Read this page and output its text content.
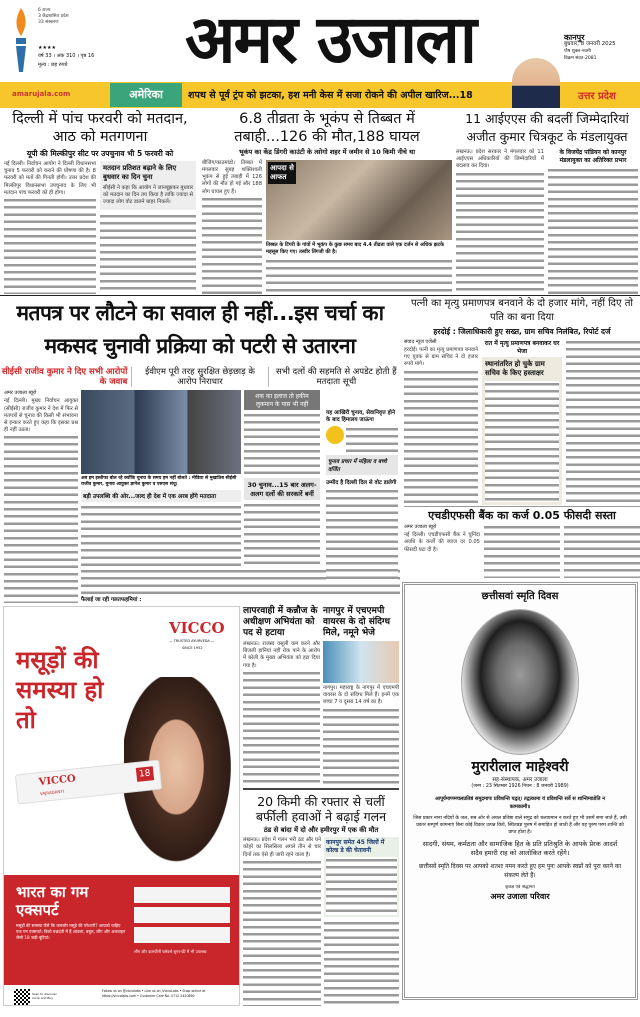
6 राज्य
3 केंद्रशासित प्रदेश
33 संस्करण
★★★★
वर्ष 33 । अंक 310 । पृष्ठ 16
मूल्य : छह रुपये	अमर उजाला	कानपुर
बुधवार, 8 जनवरी 2025
पौष शुक्ल-नवमी
विक्रम संवत-2081
amarujala.com	अमेरिका	शपथ से पूर्व ट्रंप को झटका, हश मनी केस में सजा रोकने की अपील खारिज...18	उत्तर प्रदेश
दिल्ली में पांच फरवरी को मतदान, आठ को मतगणना
यूपी की मिल्कीपुर सीट पर उपचुनाव भी 5 फरवरी को
नई दिल्ली। निर्वाचन आयोग ने दिल्ली विधानसभा चुनाव 5 फरवरी को कराने की घोषणा की है। 8 फरवरी को मतों की गिनती होगी। उत्तर प्रदेश की मिल्कीपुर विधानसभा उपचुनाव के लिए भी मतदान पांच फरवरी को ही होगा।
मतदान प्रतिशत बढ़ाने के लिए बुधवार का दिन चुना
सीईसी ने कहा कि आयोग ने जानबूझकर बुधवार को मतदान का दिन तय किया है ताकि ज्यादा से ज्यादा लोग वोट डालने बाहर निकलें।
6.8 तीव्रता के भूकंप से तिब्बत में तबाही...126 की मौत,188 घायल
भूकंप का केंद्र डिंगरी काउंटी के त्सोगो शहर में जमीन से 10 किमी नीचे था
बीजिंग/काठमांडो। तिब्बत में मंगलवार सुबह शक्तिशाली भूकंप से हुई तबाही में 126 लोगों की मौत हो गई और 188 लोग घायल हुए हैं।
आपदा से आफत
तिब्बत के टिंगरी के गांवों में भूकंप के कुछ समय बाद 4.4 तीव्रता वाले एक दर्जन से अधिक झटके महसूस किए गए। तस्वीर तिंगजी की है।
11 आईएएस की बदलीं जिम्मेदारियां अजीत कुमार चित्रकूट के मंडलायुक्त
लखनऊ। प्रदेश सरकार ने मंगलवार को 11 आईएएस अधिकारियों की जिम्मेदारियों में बदलाव कर दिया।
के विजयेंद्र पांडियन को कानपुर मंडलायुक्त का अतिरिक्त प्रभार
मतपत्र पर लौटने का सवाल ही नहीं...इस चर्चा का मकसद चुनावी प्रक्रिया को पटरी से उतारना
सीईसी राजीव कुमार ने दिए सभी आरोपों के जवाब
ईवीएम पूरी तरह सुरक्षित छेड़छाड़ के आरोप निराधार
सभी दलों की सहमति से अपडेट होती हैं मतदाता सूची
अमर उजाला ब्यूरो
नई दिल्ली। मुख्य निर्वाचन आयुक्त (सीईसी) राजीव कुमार ने देश में फिर से मतपत्रों से चुनाव की किसी भी संभावना से इन्कार करते हुए कहा कि इसका प्रश्न ही नहीं उठता।
अब हम इस्तीफा बोल रहे क्योंकि चुनाव के समय हम नहीं बोलते : मीडिया से मुखातिब सीईसी राजीव कुमार, चुनाव आयुक्त ज्ञानेश कुमार व एसएस संधू।
बड़ी उपलब्धि की ओर...जल्द ही देश में एक अरब होंगे मतदाता
शक का इलाज तो हकीम लुकमान के पास भी नहीं
30 चुनाव...15 बार अलग-अलग दलों की सरकारें बनीं
फैलाई जा रही गलतफहमियां :
यह आखिरी चुनाव, सेवानिवृत्त होने के बाद हिमालय जाऊंगा
चुनाव प्रचार में महिला व बच्चे वर्जित
उम्मीद है दिल्ली दिल से वोट डालेगी
पत्नी का मृत्यु प्रमाणपत्र बनवाने के दो हजार मांगे, नहीं दिए तो पति का बना दिया
हरदोई : जिलाधिकारी हुए सख्त, ग्राम सचिव निलंबित, रिपोर्ट दर्ज
संवाद न्यूज एजेंसी
हरदोई। पत्नी का मृत्यु प्रमाणपत्र बनवाने गए युवक से ग्राम सचिव ने दो हजार रुपये मांगे।
रात में मृत्यु प्रमाणपत्र बनवाकर घर भेजा
स्थानांतरित हो चुके ग्राम सचिव के किए हस्ताक्षर
एचडीएफसी बैंक का कर्ज 0.05 फीसदी सस्ता
अमर उजाला ब्यूरो
नई दिल्ली। एचडीएफसी बैंक ने चुनिंदा अवधि के कर्जों की ब्याज दर 0.05 फीसदी घटा दी है।
VICCO
— TRUSTED AYURVEDA —
SINCE 1952
मसूड़ों की समस्या हो तो
VICCO
VAJRADANTI
18
भारत का गम एक्सपर्ट
मसूड़ों की समस्या जैसे कि कमजोर मसूड़े की परेशानी? आपको चाहिए एक गम एक्सपर्ट। विको वज्रदंती में हैं आंवला, बबूल, लौंग और अजवाइन जैसी 18 जड़ी-बूटियां।
लौंग और दालचीनी फ्लेवर्स शुगर-फ्री में भी उपलब्ध
Scan to discover more and Buy
Follow us on @viccolabs • Like us on /ViccoLabs • Shop online at https://viccolabs.com • Customer Care No. 0712-2420890
लापरवाही में कन्नौज के अधीक्षण अभियंता को पद से हटाया
लखनऊ। राजस्व वसूली कम करने और बिजली हानियां नहीं रोक पाने के आरोप में बरेली के मुख्य अभियंता को हटा दिया गया है।
नागपुर में एचएमपी वायरस के दो संदिग्ध मिले, नमूने भेजे
नागपुर। महाराष्ट्र के नागपुर में एचएमपी वायरस के दो संदिग्ध मिले हैं। इनमें एक बच्चा 7 व दूसरा 14 वर्ष का है।
20 किमी की रफ्तार से चलीं बर्फीली हवाओं ने बढ़ाई गलन
ठंड से बांदा में दो और हमीरपुर में एक की मौत
लखनऊ। प्रदेश में गलन भरी ठंड और घने कोहरे का सिलसिला अगले तीन से चार दिनों तक ऐसे ही जारी रहने वाला है।
कानपुर समेत 45 जिलों में कोल्ड डे की चेतावनी
छत्तीसवां स्मृति दिवस
मुरारीलाल माहेश्वरी
सह-संस्थापक, अमर उजाला
(जन्म : 23 सितम्बर 1926 निधन : 8 जनवरी 1989)
आपूर्यमाणमचलप्रतिष्ठं समुद्रमापः प्रविशन्ति यद्वत्। तद्वत्कामा यं प्रविशन्ति सर्वे स शान्तिमाप्नोति न कामकामी॥
जिस प्रकार नाना नदियों के जल, सब ओर से अचल प्रतिष्ठा वाले समुद्र को चलायमान न करते हुए भी उसमें समा जाते हैं, उसी प्रकार सम्पूर्ण कामनाएं बिना कोई विकार उत्पन्न किये, स्थितप्रज्ञ पुरुष में समाहित हो जाती हैं और वह पुरुष परम शान्ति को प्राप्त होता है।
सादगी, संयम, कर्मठता और सामाजिक हित के प्रति प्रतिश्रुति के आपके प्रेरक आदर्श सदैव हमारी राह को आलोकित करते रहेंगे।
छत्तीसवें स्मृति दिवस पर आपको शतशः नमन करते हुए हम पुनः आपके स्वप्नों को पूरा करने का संकल्प लेते हैं।
कृतज्ञ एवं श्रद्धानत
अमर उजाला परिवार
